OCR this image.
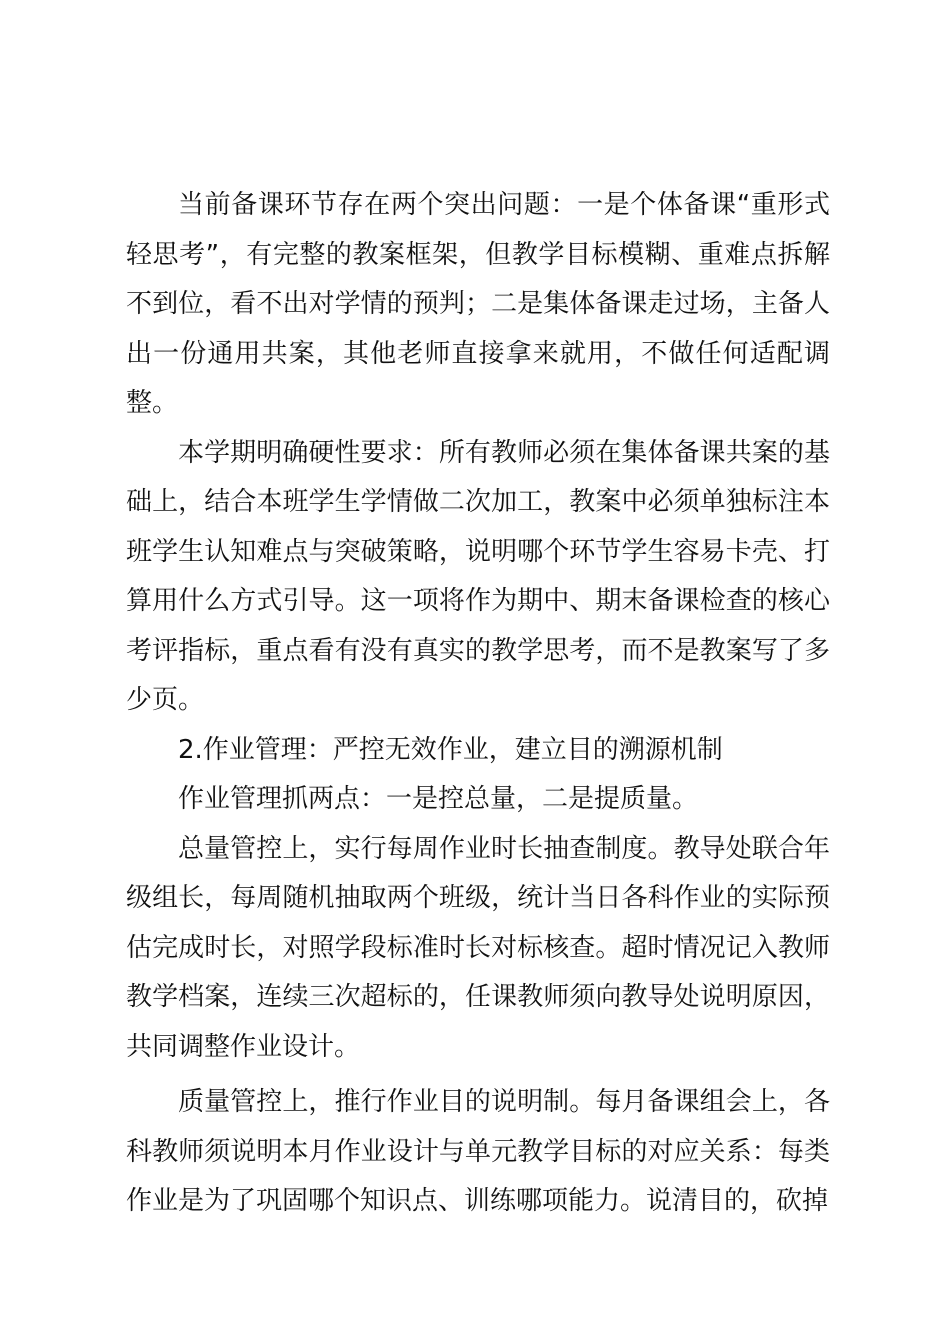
当前备课环节存在两个突出问题：一是个体备课“重形式轻思考”，有完整的教案框架，但教学目标模糊、重难点拆解不到位，看不出对学情的预判；二是集体备课走过场，主备人出一份通用共案，其他老师直接拿来就用，不做任何适配调整。

本学期明确硬性要求：所有教师必须在集体备课共案的基础上，结合本班学生学情做二次加工，教案中必须单独标注本班学生认知难点与突破策略，说明哪个环节学生容易卡壳、打算用什么方式引导。这一项将作为期中、期末备课检查的核心考评指标，重点看有没有真实的教学思考，而不是教案写了多少页。

2.作业管理：严控无效作业，建立目的溯源机制

作业管理抓两点：一是控总量，二是提质量。

总量管控上，实行每周作业时长抽查制度。教导处联合年级组长，每周随机抽取两个班级，统计当日各科作业的实际预估完成时长，对照学段标准时长对标核查。超时情况记入教师教学档案，连续三次超标的，任课教师须向教导处说明原因，共同调整作业设计。

质量管控上，推行作业目的说明制。每月备课组会上，各科教师须说明本月作业设计与单元教学目标的对应关系：每类作业是为了巩固哪个知识点、训练哪项能力。说清目的，砍掉
